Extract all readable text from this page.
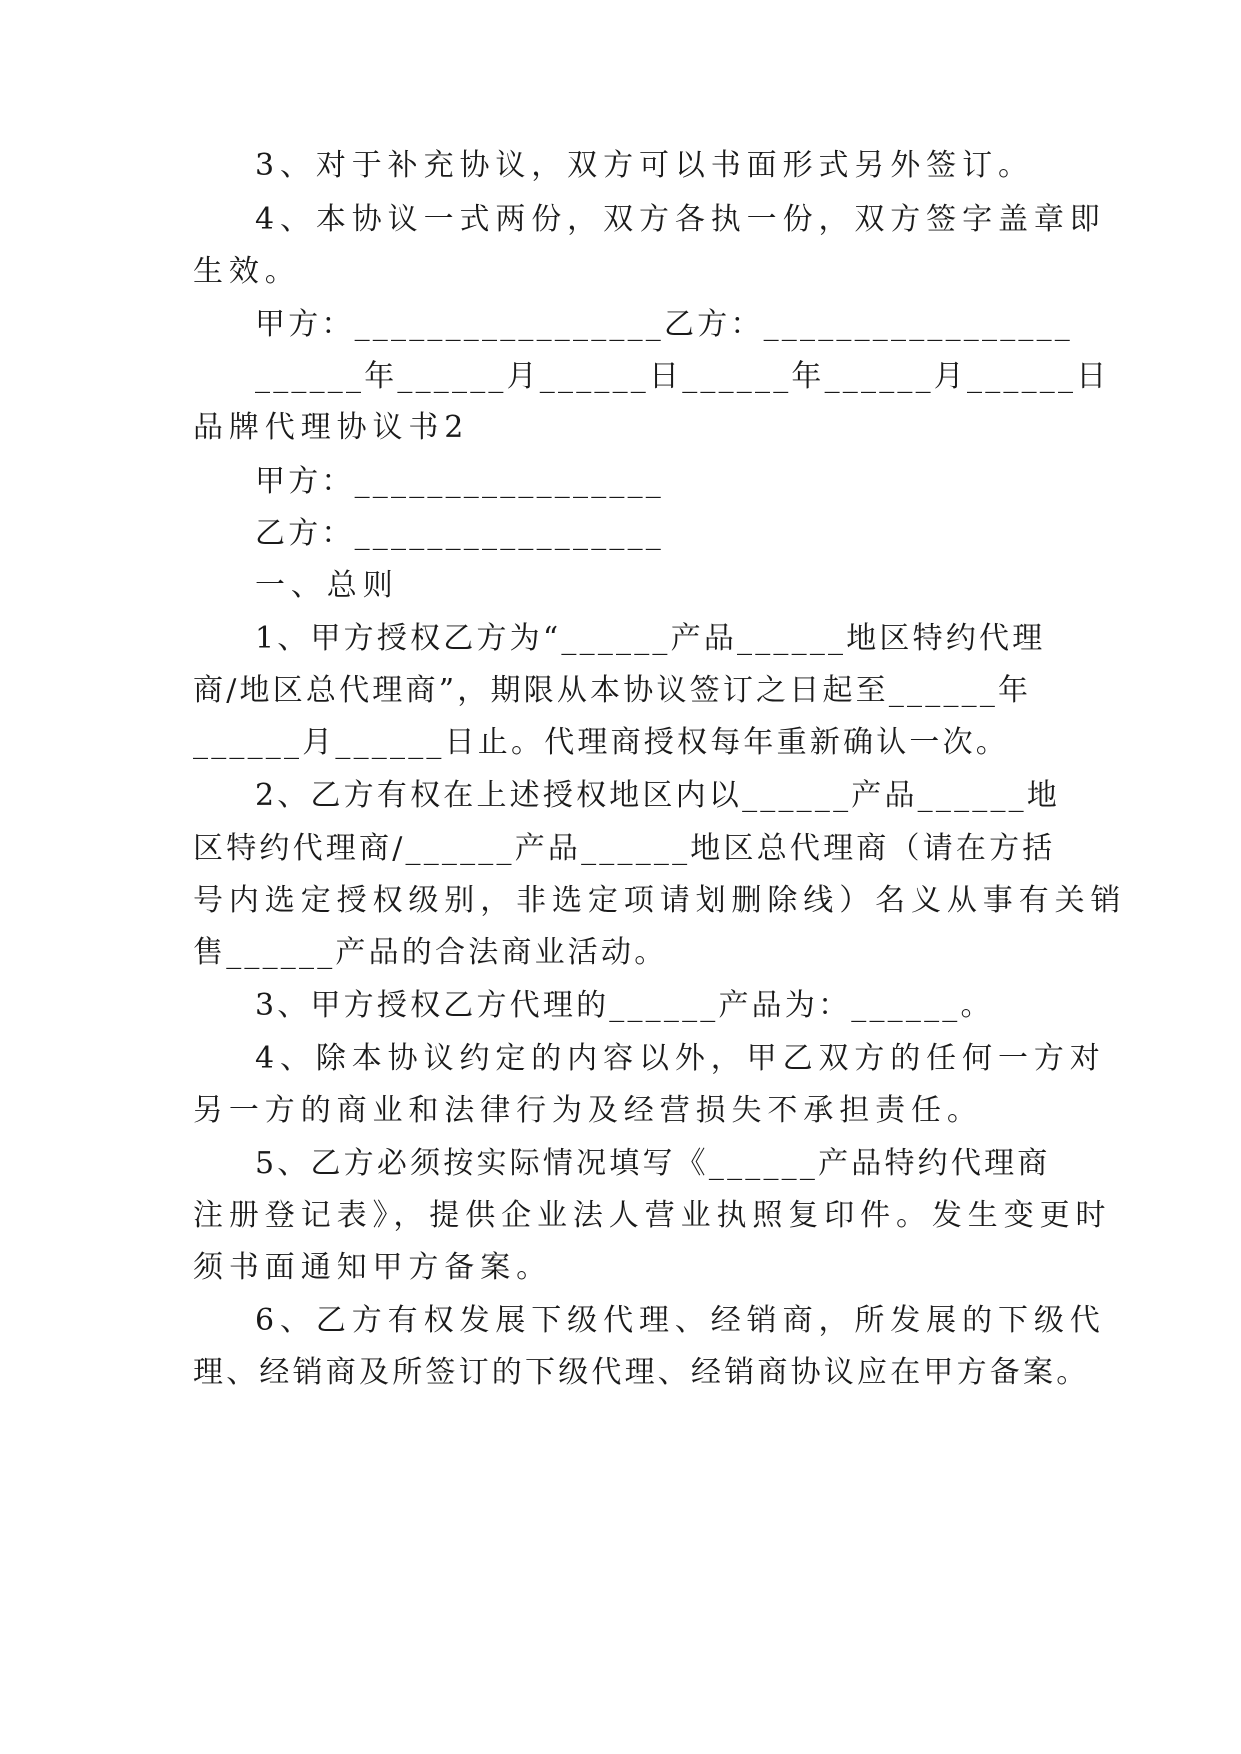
3、对于补充协议，双方可以书面形式另外签订。
4、本协议一式两份，双方各执一份，双方签字盖章即
生效。
甲方：_________________乙方：_________________
______年______月______日______年______月______日
品牌代理协议书2
甲方：_________________
乙方：_________________
一、总则
1、甲方授权乙方为“______产品______地区特约代理
商/地区总代理商”，期限从本协议签订之日起至______年
______月______日止。代理商授权每年重新确认一次。
2、乙方有权在上述授权地区内以______产品______地
区特约代理商/______产品______地区总代理商（请在方括
号内选定授权级别，非选定项请划删除线）名义从事有关销
售______产品的合法商业活动。
3、甲方授权乙方代理的______产品为：______。
4、除本协议约定的内容以外，甲乙双方的任何一方对
另一方的商业和法律行为及经营损失不承担责任。
5、乙方必须按实际情况填写《______产品特约代理商
注册登记表》，提供企业法人营业执照复印件。发生变更时
须书面通知甲方备案。
6、乙方有权发展下级代理、经销商，所发展的下级代
理、经销商及所签订的下级代理、经销商协议应在甲方备案。
